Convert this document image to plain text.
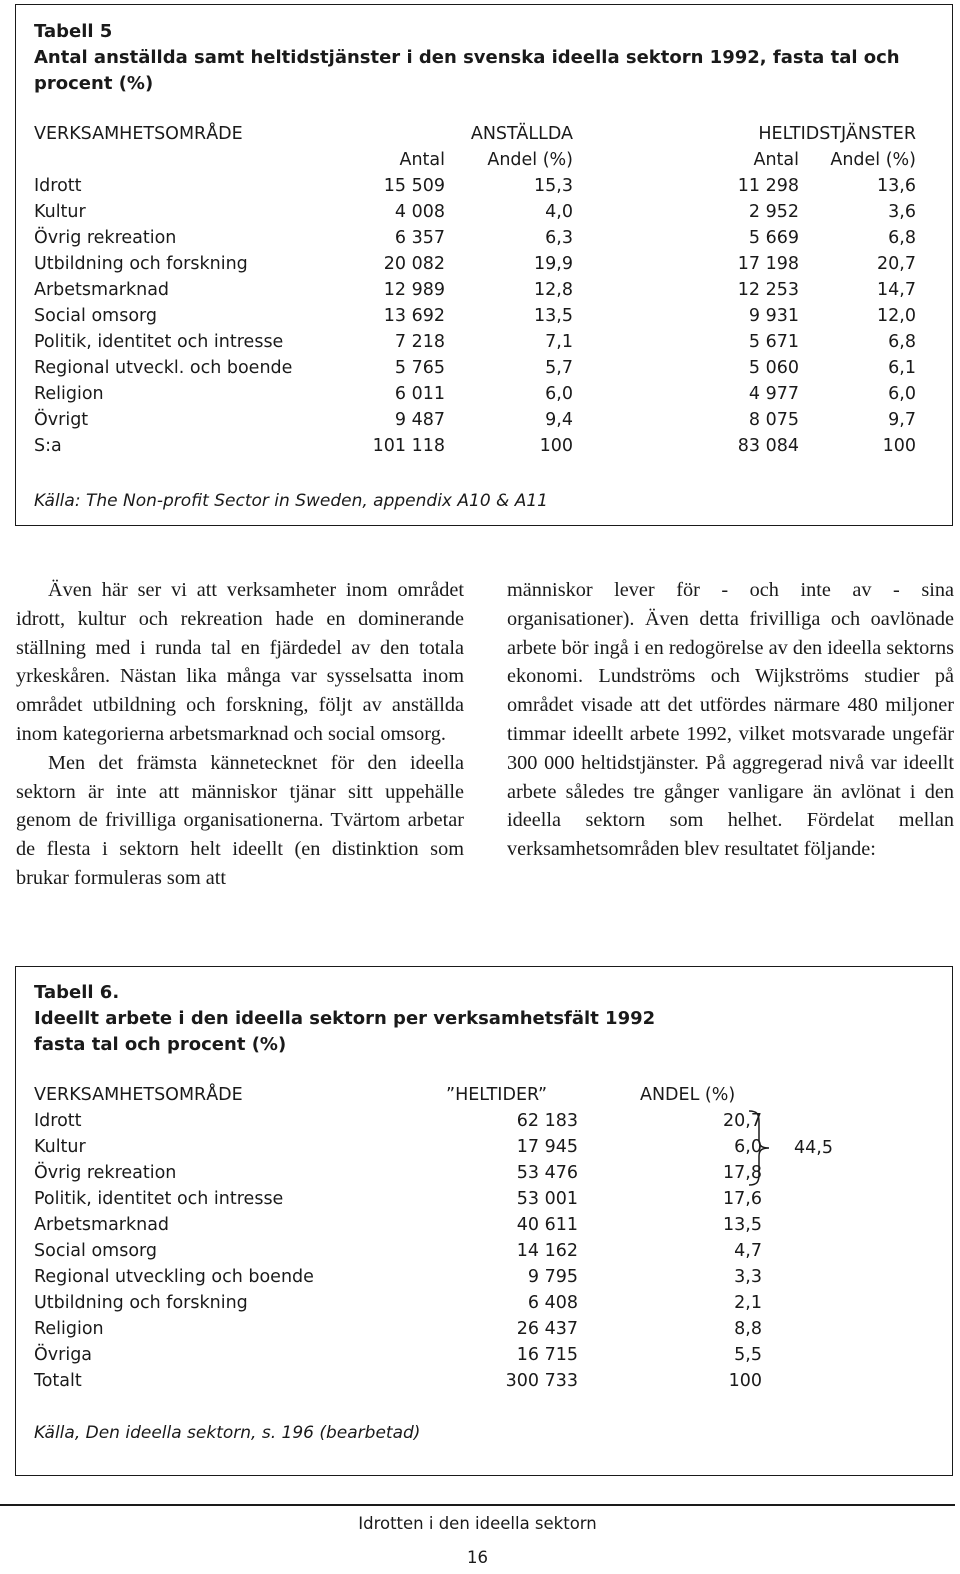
Tabell 5
Antal anställda samt heltidstjänster i den svenska ideella sektorn 1992, fasta tal och
procent (%)
VERKSAMHETSOMRÅDE	ANSTÄLLDA	HELTIDSTJÄNSTER
Antal Andel (%)	Antal Andel (%)
Idrott	15 509	15,3	11 298	13,6
Kultur	4 008	4,0	2 952	3,6
Övrig rekreation	6 357	6,3	5 669	6,8
Utbildning och forskning	20 082	19,9	17 198	20,7
Arbetsmarknad	12 989	12,8	12 253	14,7
Social omsorg	13 692	13,5	9 931	12,0
Politik, identitet och intresse	7 218	7,1	5 671	6,8
Regional utveckl. och boende	5 765	5,7	5 060	6,1
Religion	6 011	6,0	4 977	6,0
Övrigt	9 487	9,4	8 075	9,7
S:a	101 118	100	83 084	100
Källa: The Non-profit Sector in Sweden, appendix A10 & A11

Även här ser vi att verksamheter inom området idrott, kultur och rekreation hade en dominerande ställning med i runda tal en fjärdedel av den totala yrkeskåren. Nästan lika många var sysselsatta inom området utbildning och forskning, följt av anställda inom kategorierna arbetsmarknad och social omsorg.

Men det främsta kännetecknet för den ideella sektorn är inte att människor tjänar sitt uppehälle genom de frivilliga organisationerna. Tvärtom arbetar de flesta i sektorn helt ideellt (en distinktion som brukar formuleras som att

människor lever för - och inte av - sina organisationer). Även detta frivilliga och oavlönade arbete bör ingå i en redogörelse av den ideella sektorns ekonomi. Lundströms och Wijkströms studier på området visade att det utfördes närmare 480 miljoner timmar ideellt arbete 1992, vilket motsvarade ungefär 300 000 heltidstjänster. På aggregerad nivå var ideellt arbete således tre gånger vanligare än avlönat i den ideella sektorn som helhet. Fördelat mellan verksamhetsområden blev resultatet följande:

Tabell 6.
Ideellt arbete i den ideella sektorn per verksamhetsfält 1992
fasta tal och procent (%)
VERKSAMHETSOMRÅDE	”HELTIDER”	ANDEL (%)
Idrott	62 183	20,7
Kultur	17 945	6,0
Övrig rekreation	53 476	17,8
Politik, identitet och intresse	53 001	17,6
Arbetsmarknad	40 611	13,5
Social omsorg	14 162	4,7
Regional utveckling och boende	9 795	3,3
Utbildning och forskning	6 408	2,1
Religion	26 437	8,8
Övriga	16 715	5,5
Totalt	300 733	100
44,5
Källa, Den ideella sektorn, s. 196 (bearbetad)
Idrotten i den ideella sektorn
16
